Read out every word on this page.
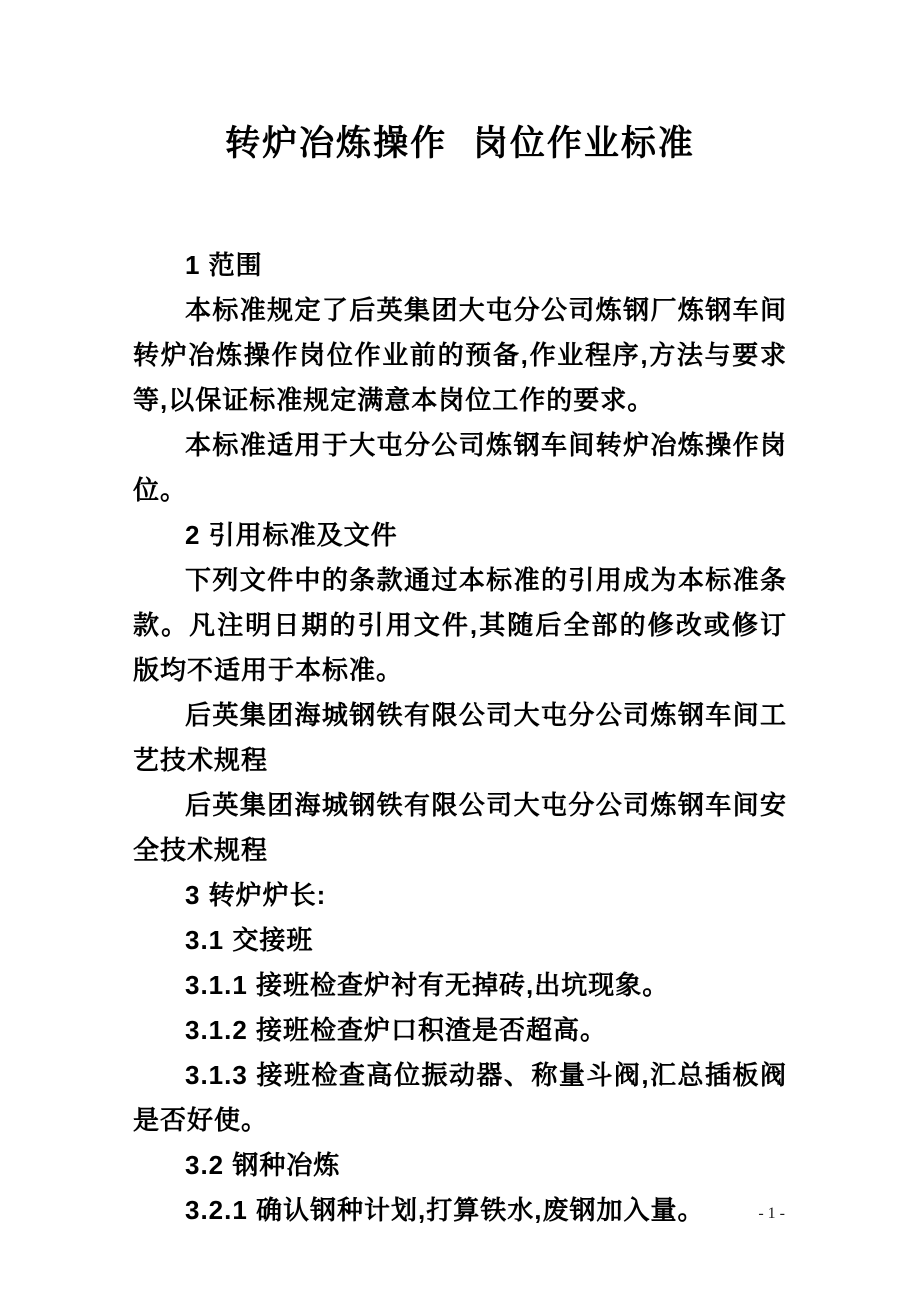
转炉冶炼操作 岗位作业标准

1 范围

本标准规定了后英集团大屯分公司炼钢厂炼钢车间转炉冶炼操作岗位作业前的预备,作业程序,方法与要求等,以保证标准规定满意本岗位工作的要求。

本标准适用于大屯分公司炼钢车间转炉冶炼操作岗位。

2 引用标准及文件

下列文件中的条款通过本标准的引用成为本标准条款。凡注明日期的引用文件,其随后全部的修改或修订版均不适用于本标准。

后英集团海城钢铁有限公司大屯分公司炼钢车间工艺技术规程

后英集团海城钢铁有限公司大屯分公司炼钢车间安全技术规程

3 转炉炉长:

3.1 交接班

3.1.1 接班检查炉衬有无掉砖,出坑现象。

3.1.2 接班检查炉口积渣是否超高。

3.1.3 接班检查高位振动器、称量斗阀,汇总插板阀是否好使。

3.2 钢种冶炼

3.2.1 确认钢种计划,打算铁水,废钢加入量。	- 1 -
